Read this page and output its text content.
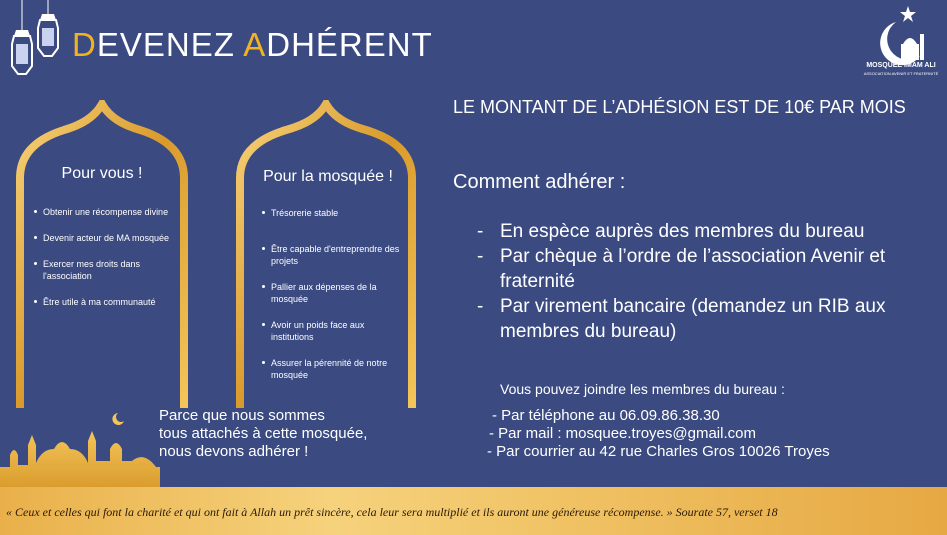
DEVENEZ ADHÉRENT
MOSQUÉE IMAM ALI
ASSOCIATION AVENIR ET FRATERNITÉ
Pour vous !
Obtenir une récompense divine
Devenir acteur de MA mosquée
Exercer mes droits dans l'association
Être utile à ma communauté
Pour la mosquée !
Trésorerie stable
Être capable d'entreprendre des projets
Pallier aux dépenses de la mosquée
Avoir un poids face aux institutions
Assurer la pérennité de notre mosquée
LE MONTANT DE L’ADHÉSION EST DE 10€ PAR MOIS
Comment adhérer :
- En espèce auprès des membres du bureau
- Par chèque à l’ordre de l’association Avenir et fraternité
- Par virement bancaire (demandez un RIB aux membres du bureau)
Vous pouvez joindre les membres du bureau :
- Par téléphone au 06.09.86.38.30
- Par mail : mosquee.troyes@gmail.com
- Par courrier au 42 rue Charles Gros 10026 Troyes
Parce que nous sommes
tous attachés à cette mosquée,
nous devons adhérer !
« Ceux et celles qui font la charité et qui ont fait à Allah un prêt sincère, cela leur sera multiplié et ils auront une généreuse récompense. » Sourate 57, verset 18
